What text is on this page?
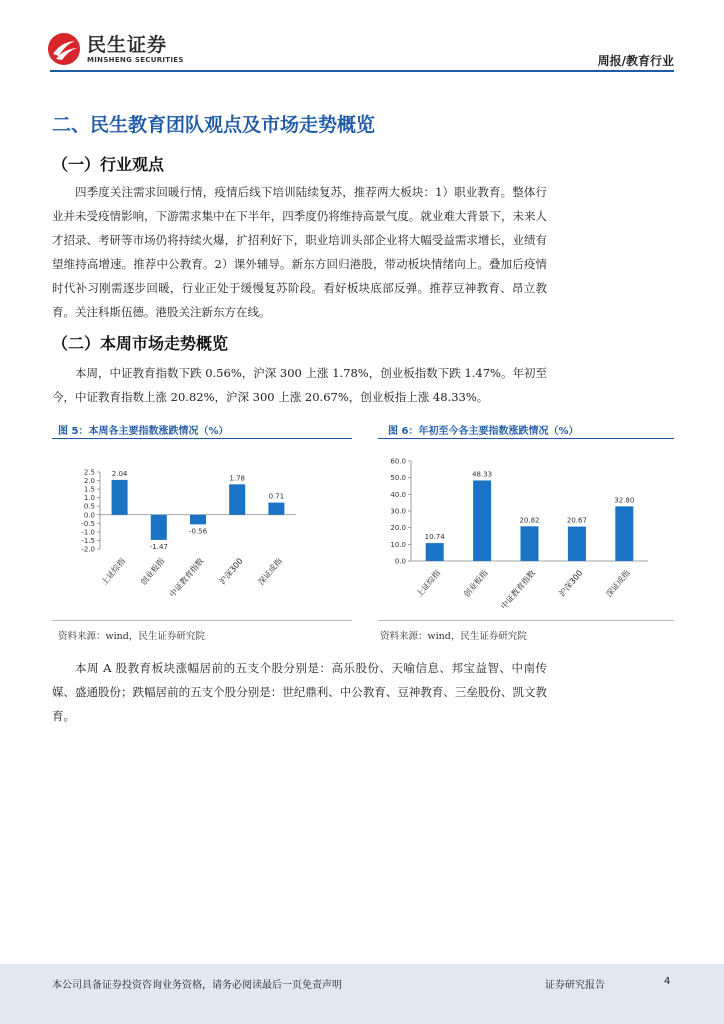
民生证券
MINSHENG SECURITIES	周报/教育行业
二、民生教育团队观点及市场走势概览
（一）行业观点
四季度关注需求回暖行情，疫情后线下培训陆续复苏，推荐两大板块：1）职业教育。整体行业并未受疫情影响，下游需求集中在下半年，四季度仍将维持高景气度。就业难大背景下，未来人才招录、考研等市场仍将持续火爆，扩招利好下，职业培训头部企业将大幅受益需求增长，业绩有望维持高增速。推荐中公教育。2）课外辅导。新东方回归港股，带动板块情绪向上。叠加后疫情时代补习刚需逐步回暖，行业正处于缓慢复苏阶段。看好板块底部反弹。推荐豆神教育、昂立教育。关注科斯伍德。港股关注新东方在线。
（二）本周市场走势概览
本周，中证教育指数下跌 0.56%，沪深 300 上涨 1.78%，创业板指数下跌 1.47%。年初至今，中证教育指数上涨 20.82%，沪深 300 上涨 20.67%，创业板指上涨 48.33%。
图 5：本周各主要指数涨跌情况（%）
2.5
2.0
1.5
1.0
0.5
0.0
-0.5
-1.0
-1.5
-2.0
2.04
上证综指
-1.47
创业板指
-0.56
中证教育指数
1.78
沪深300
0.71
深证成指
资料来源：wind，民生证券研究院
图 6：年初至今各主要指数涨跌情况（%）
60.0
50.0
40.0
30.0
20.0
10.0
0.0
10.74
上证综指
48.33
创业板指
20.82
中证教育指数
20.67
沪深300
32.80
深证成指
资料来源：wind，民生证券研究院
本周 A 股教育板块涨幅居前的五支个股分别是：高乐股份、天喻信息、邦宝益智、中南传媒、盛通股份；跌幅居前的五支个股分别是：世纪鼎利、中公教育、豆神教育、三垒股份、凯文教育。
本公司具备证券投资咨询业务资格，请务必阅读最后一页免责声明	证券研究报告	4
